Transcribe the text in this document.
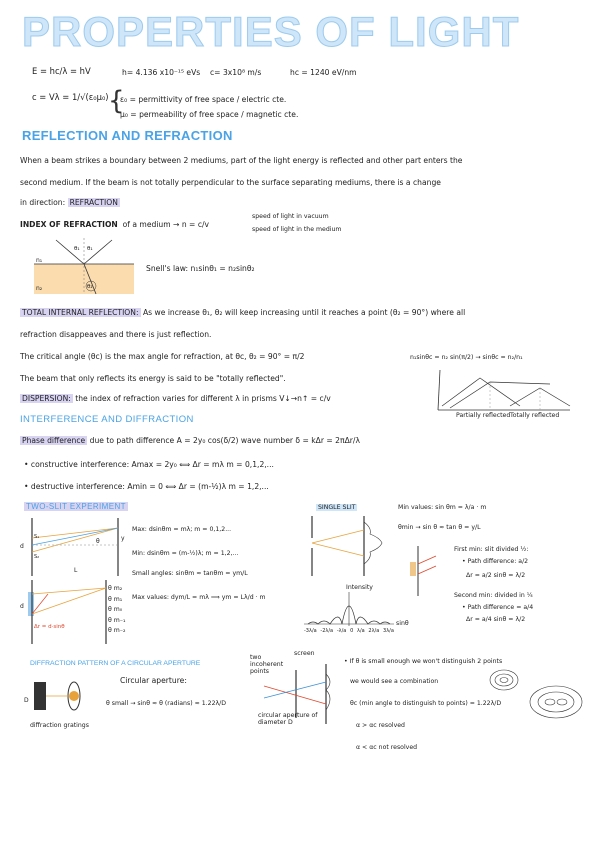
PROPERTIES OF LIGHT
E = hc/λ = hV	h= 4.136 x10⁻¹⁵ eVs c= 3x10⁸ m/s	hc = 1240 eV/nm
c = Vλ = 1/√(ε₀μ₀) {
ε₀ = permittivity of free space / electric cte.
μ₀ = permeability of free space / magnetic cte.
REFLECTION AND REFRACTION
When a beam strikes a boundary between 2 mediums, part of the light energy is reflected and other part enters the
second medium. If the beam is not totally perpendicular to the surface separating mediums, there is a change
in direction: REFRACTION
INDEX OF REFRACTION of a medium → n = c/v
speed of light in vacuum
speed of light in the medium
n₁
n₂
θ₁ θ₁
θ₂
Snell's law: n₁sinθ₁ = n₂sinθ₂
TOTAL INTERNAL REFLECTION: As we increase θ₁, θ₂ will keep increasing until it reaches a point (θ₂ = 90°) where all
refraction disappeaves and there is just reflection.
The critical angle (θc) is the max angle for refraction, at θc, θ₂ = 90° = π/2	n₁sinθc = n₂ sin(π/2) → sinθc = n₂/n₁
The beam that only reflects its energy is said to be "totally reflected".
DISPERSION: the index of refraction varies for different λ in prisms V↓→n↑ = c/v
Partially reflected Totally reflected
INTERFERENCE AND DIFFRACTION
Phase difference due to path difference A = 2y₀ cos(δ/2) wave number δ = kΔr = 2πΔr/λ
• constructive interference: Amax = 2y₀ ⟺ Δr = mλ m = 0,1,2,...
• destructive interference: Amin = 0 ⟺ Δr = (m-½)λ m = 1,2,...
TWO-SLIT EXPERIMENT
d
S₁
S₂
θ	y
L
d
Δr = d·sinθ
θ m₂
θ m₁
θ m₀
θ m₋₁
θ m₋₂
Max: dsinθm = mλ; m = 0,1,2...
Min: dsinθm = (m-½)λ; m = 1,2,...
Small angles: sinθm ≈ tanθm = ym/L
Max values: dym/L = mλ ⟹ ym = Lλ/d · m
SINGLE SLIT
Intensity
sinθ
-3λ/a -2λ/a -λ/a 0 λ/a 2λ/a 3λ/a
Min values: sin θm = λ/a · m
θmin → sin θ ≈ tan θ = y/L
First min: slit divided ½:
• Path difference: a/2
Δr = a/2 sinθ = λ/2
Second min: divided in ¼
• Path difference = a/4
Δr = a/4 sinθ = λ/2
DIFFRACTION PATTERN OF A CIRCULAR APERTURE
D
diffraction gratings
Circular aperture:
θ small → sinθ ≈ θ (radians) ≈ 1.22λ/D
two incoherent points
screen
circular aperture of diameter D
• If θ is small enough we won't distinguish 2 points
we would see a combination
θc (min angle to distinguish to points) = 1.22λ/D
α > αc resolved
α < αc not resolved
